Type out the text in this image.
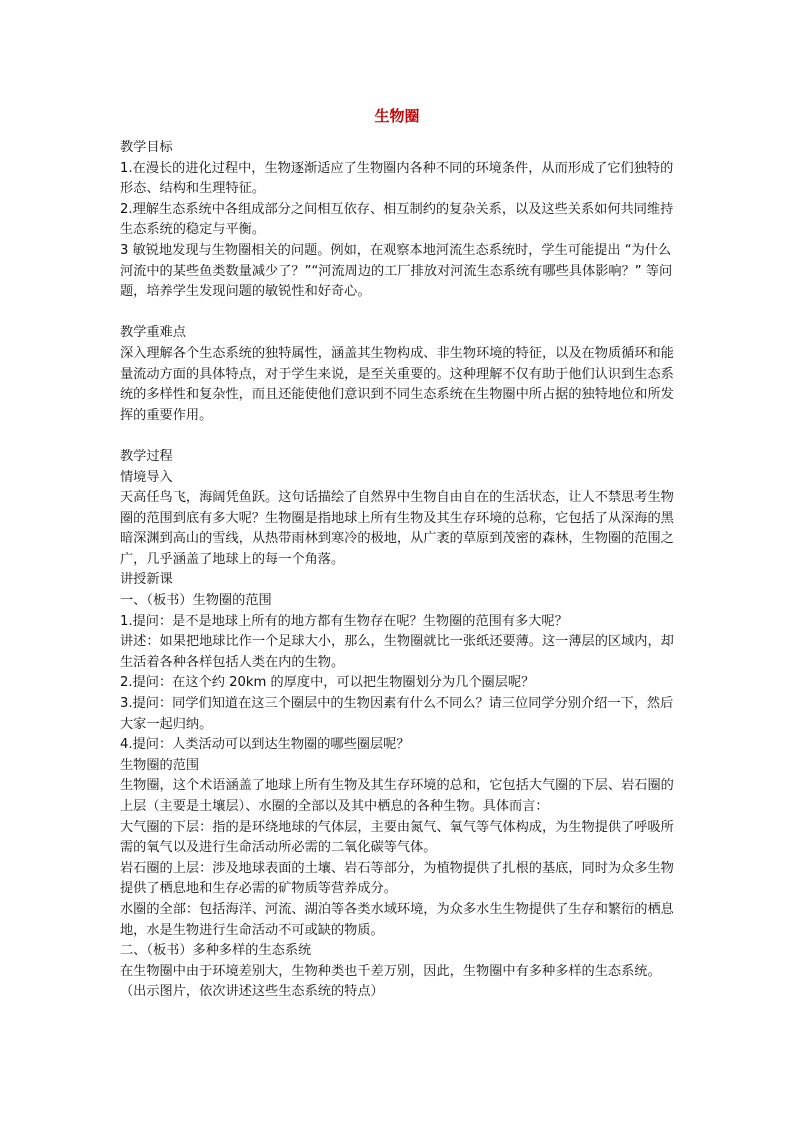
生物圈

教学目标

1.在漫长的进化过程中，生物逐渐适应了生物圈内各种不同的环境条件，从而形成了它们独特的形态、结构和生理特征。

2.理解生态系统中各组成部分之间相互依存、相互制约的复杂关系，以及这些关系如何共同维持生态系统的稳定与平衡。

3 敏锐地发现与生物圈相关的问题。例如，在观察本地河流生态系统时，学生可能提出 “为什么河流中的某些鱼类数量减少了？”“河流周边的工厂排放对河流生态系统有哪些具体影响？” 等问题，培养学生发现问题的敏锐性和好奇心。

教学重难点

深入理解各个生态系统的独特属性，涵盖其生物构成、非生物环境的特征，以及在物质循环和能量流动方面的具体特点，对于学生来说，是至关重要的。这种理解不仅有助于他们认识到生态系统的多样性和复杂性，而且还能使他们意识到不同生态系统在生物圈中所占据的独特地位和所发挥的重要作用。

教学过程

情境导入

天高任鸟飞，海阔凭鱼跃。这句话描绘了自然界中生物自由自在的生活状态，让人不禁思考生物圈的范围到底有多大呢？生物圈是指地球上所有生物及其生存环境的总称，它包括了从深海的黑暗深渊到高山的雪线，从热带雨林到寒冷的极地，从广袤的草原到茂密的森林，生物圈的范围之广，几乎涵盖了地球上的每一个角落。

讲授新课

一、（板书）生物圈的范围

1.提问：是不是地球上所有的地方都有生物存在呢？生物圈的范围有多大呢？

讲述：如果把地球比作一个足球大小，那么，生物圈就比一张纸还要薄。这一薄层的区域内，却生活着各种各样包括人类在内的生物。

2.提问：在这个约 20km 的厚度中，可以把生物圈划分为几个圈层呢？

3.提问：同学们知道在这三个圈层中的生物因素有什么不同么？请三位同学分别介绍一下，然后大家一起归纳。

4.提问：人类活动可以到达生物圈的哪些圈层呢？

生物圈的范围

生物圈，这个术语涵盖了地球上所有生物及其生存环境的总和，它包括大气圈的下层、岩石圈的上层（主要是土壤层）、水圈的全部以及其中栖息的各种生物。具体而言：

大气圈的下层：指的是环绕地球的气体层，主要由氮气、氧气等气体构成，为生物提供了呼吸所需的氧气以及进行生命活动所必需的二氧化碳等气体。

岩石圈的上层：涉及地球表面的土壤、岩石等部分，为植物提供了扎根的基底，同时为众多生物提供了栖息地和生存必需的矿物质等营养成分。

水圈的全部：包括海洋、河流、湖泊等各类水域环境，为众多水生生物提供了生存和繁衍的栖息地，水是生物进行生命活动不可或缺的物质。

二、（板书）多种多样的生态系统

在生物圈中由于环境差别大，生物种类也千差万别，因此，生物圈中有多种多样的生态系统。（出示图片，依次讲述这些生态系统的特点）
